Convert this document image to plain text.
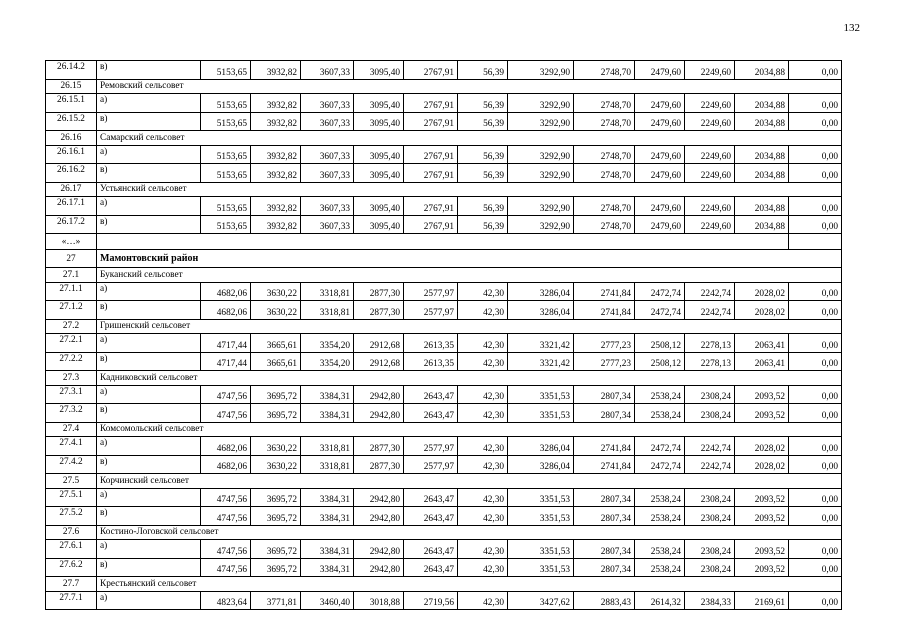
132
26.14.2	в)	5153,65	3932,82	3607,33	3095,40	2767,91	56,39	3292,90	2748,70	2479,60	2249,60	2034,88	0,00
26.15	Ремовский сельсовет												
26.15.1	а)	5153,65	3932,82	3607,33	3095,40	2767,91	56,39	3292,90	2748,70	2479,60	2249,60	2034,88	0,00
26.15.2	в)	5153,65	3932,82	3607,33	3095,40	2767,91	56,39	3292,90	2748,70	2479,60	2249,60	2034,88	0,00
26.16	Самарский сельсовет												
26.16.1	а)	5153,65	3932,82	3607,33	3095,40	2767,91	56,39	3292,90	2748,70	2479,60	2249,60	2034,88	0,00
26.16.2	в)	5153,65	3932,82	3607,33	3095,40	2767,91	56,39	3292,90	2748,70	2479,60	2249,60	2034,88	0,00
26.17	Устьянский сельсовет												
26.17.1	а)	5153,65	3932,82	3607,33	3095,40	2767,91	56,39	3292,90	2748,70	2479,60	2249,60	2034,88	0,00
26.17.2	в)	5153,65	3932,82	3607,33	3095,40	2767,91	56,39	3292,90	2748,70	2479,60	2249,60	2034,88	0,00
«…»													
27	Мамонтовский район												
27.1	Буканский сельсовет												
27.1.1	а)	4682,06	3630,22	3318,81	2877,30	2577,97	42,30	3286,04	2741,84	2472,74	2242,74	2028,02	0,00
27.1.2	в)	4682,06	3630,22	3318,81	2877,30	2577,97	42,30	3286,04	2741,84	2472,74	2242,74	2028,02	0,00
27.2	Гришенский сельсовет												
27.2.1	а)	4717,44	3665,61	3354,20	2912,68	2613,35	42,30	3321,42	2777,23	2508,12	2278,13	2063,41	0,00
27.2.2	в)	4717,44	3665,61	3354,20	2912,68	2613,35	42,30	3321,42	2777,23	2508,12	2278,13	2063,41	0,00
27.3	Кадниковский сельсовет												
27.3.1	а)	4747,56	3695,72	3384,31	2942,80	2643,47	42,30	3351,53	2807,34	2538,24	2308,24	2093,52	0,00
27.3.2	в)	4747,56	3695,72	3384,31	2942,80	2643,47	42,30	3351,53	2807,34	2538,24	2308,24	2093,52	0,00
27.4	Комсомольский сельсовет												
27.4.1	а)	4682,06	3630,22	3318,81	2877,30	2577,97	42,30	3286,04	2741,84	2472,74	2242,74	2028,02	0,00
27.4.2	в)	4682,06	3630,22	3318,81	2877,30	2577,97	42,30	3286,04	2741,84	2472,74	2242,74	2028,02	0,00
27.5	Корчинский сельсовет												
27.5.1	а)	4747,56	3695,72	3384,31	2942,80	2643,47	42,30	3351,53	2807,34	2538,24	2308,24	2093,52	0,00
27.5.2	в)	4747,56	3695,72	3384,31	2942,80	2643,47	42,30	3351,53	2807,34	2538,24	2308,24	2093,52	0,00
27.6	Костино-Логовской сельсовет												
27.6.1	а)	4747,56	3695,72	3384,31	2942,80	2643,47	42,30	3351,53	2807,34	2538,24	2308,24	2093,52	0,00
27.6.2	в)	4747,56	3695,72	3384,31	2942,80	2643,47	42,30	3351,53	2807,34	2538,24	2308,24	2093,52	0,00
27.7	Крестьянский сельсовет												
27.7.1	а)	4823,64	3771,81	3460,40	3018,88	2719,56	42,30	3427,62	2883,43	2614,32	2384,33	2169,61	0,00
